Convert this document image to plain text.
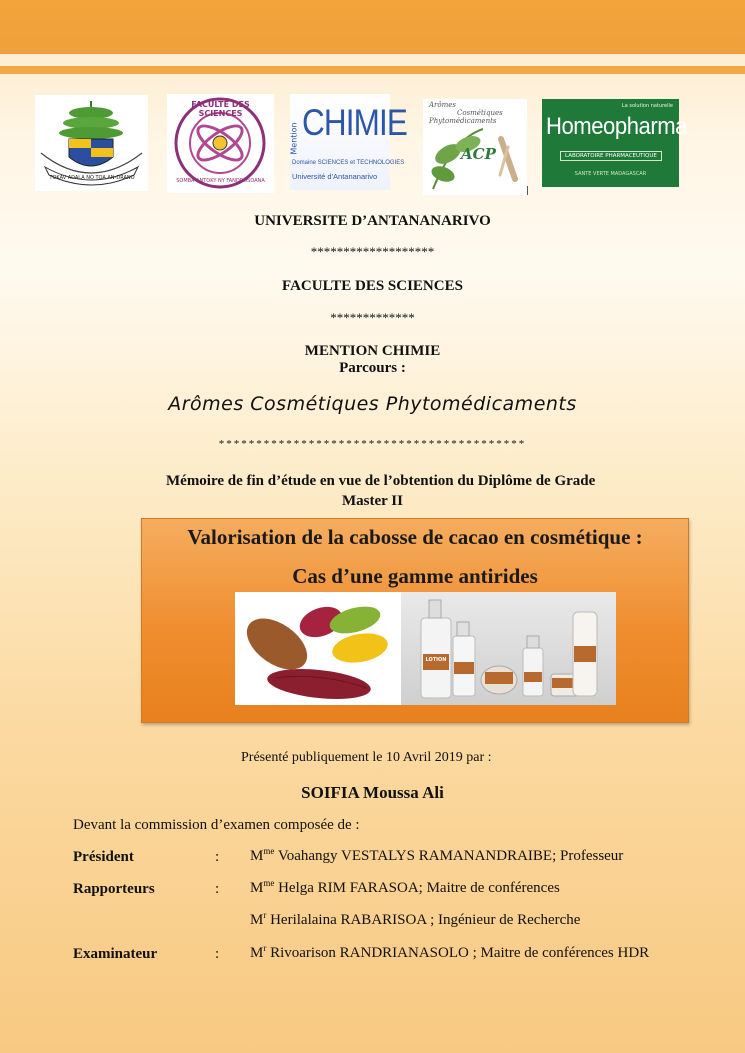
TOKAV ADALA NO TOA AN-DRANO
FACULTE DES SCIENCES
SOMBA ANTOKY NY FANDROSOANA
Mention CHIMIE
Domaine SCIENCES et TECHNOLOGIES
Université d'Antananarivo
Arômes
Cosmétiques
Phytomédicaments
ACP
La solution naturelle
Homeopharma
LABORATOIRE PHARMACEUTIQUE
SANTE VERTE MADAGASCAR
UNIVERSITE D’ANTANANARIVO
*******************
FACULTE DES SCIENCES
*************
MENTION CHIMIE
Parcours :
Arômes Cosmétiques Phytomédicaments
*****************************************
Mémoire de fin d’étude en vue de l’obtention du Diplôme de Grade
Master II
Valorisation de la cabosse de cacao en cosmétique :
Cas d’une gamme antirides
LOTION
Présenté publiquement le 10 Avril 2019 par :
SOIFIA Moussa Ali
Devant la commission d’examen composée de :
Président	: $M^{me}$ Voahangy VESTALYS RAMANANDRAIBE; Professeur
Rapporteurs	: $M^{me}$ Helga RIM FARASOA; Maitre de conférences
$M^r$ Herilalaina RABARISOA ; Ingénieur de Recherche
Examinateur	: $M^r$ Rivoarison RANDRIANASOLO ; Maitre de conférences HDR
